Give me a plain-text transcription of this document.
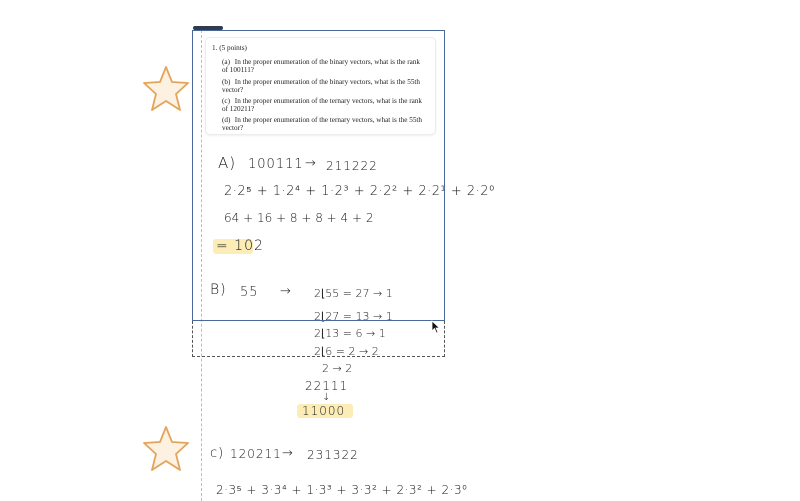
1. (5 points)
(a) In the proper enumeration of the binary vectors, what is the rank of 100111?
(b) In the proper enumeration of the binary vectors, what is the 55th vector?
(c) In the proper enumeration of the ternary vectors, what is the rank of 120211?
(d) In the proper enumeration of the ternary vectors, what is the 55th vector?
A) 100111 → 211222
2·2⁵ + 1·2⁴ + 1·2³ + 2·2² + 2·2¹ + 2·2⁰
64 + 16 + 8 + 8 + 4 + 2
= 102
B) 55 → 2⌊55 = 27 → 1
2⌊27 = 13 → 1
2⌊13 = 6 → 1
2⌊6 = 2 → 2
2 → 2
22111
↓
11000
c) 120211 → 231322
2·3⁵ + 3·3⁴ + 1·3³ + 3·3² + 2·3² + 2·3⁰
